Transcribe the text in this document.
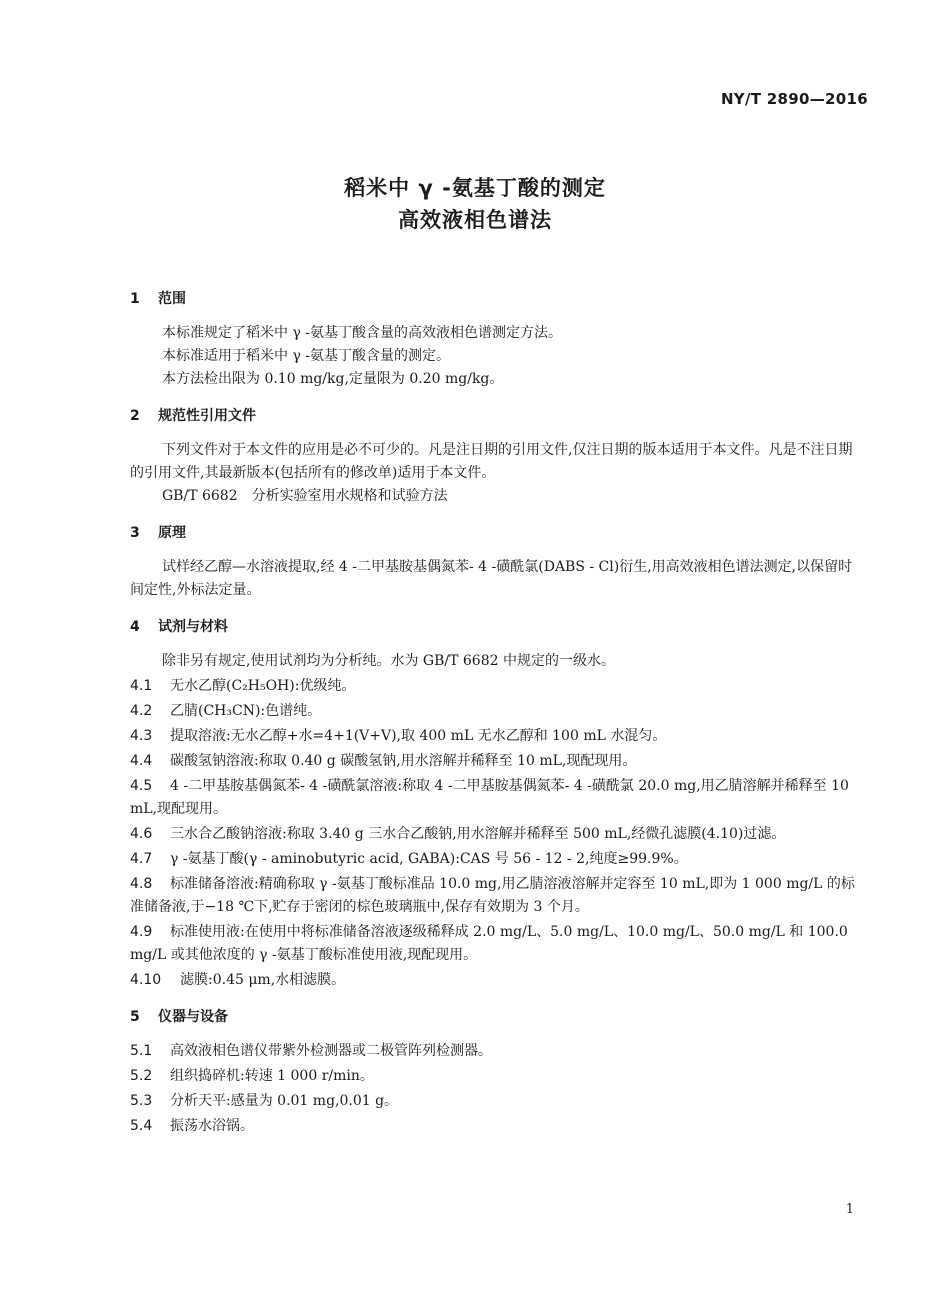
NY/T 2890—2016
稻米中 γ -氨基丁酸的测定
高效液相色谱法
1 范围

本标准规定了稻米中 γ -氨基丁酸含量的高效液相色谱测定方法。

本标准适用于稻米中 γ -氨基丁酸含量的测定。

本方法检出限为 0.10 mg/kg,定量限为 0.20 mg/kg。

2 规范性引用文件

下列文件对于本文件的应用是必不可少的。凡是注日期的引用文件,仅注日期的版本适用于本文件。凡是不注日期的引用文件,其最新版本(包括所有的修改单)适用于本文件。

GB/T 6682　分析实验室用水规格和试验方法

3 原理

试样经乙醇—水溶液提取,经 4 -二甲基胺基偶氮苯- 4 -磺酰氯(DABS - Cl)衍生,用高效液相色谱法测定,以保留时间定性,外标法定量。

4 试剂与材料

除非另有规定,使用试剂均为分析纯。水为 GB/T 6682 中规定的一级水。

4.1 无水乙醇(C₂H₅OH):优级纯。

4.2 乙腈(CH₃CN):色谱纯。

4.3 提取溶液:无水乙醇+水=4+1(V+V),取 400 mL 无水乙醇和 100 mL 水混匀。

4.4 碳酸氢钠溶液:称取 0.40 g 碳酸氢钠,用水溶解并稀释至 10 mL,现配现用。

4.5 4 -二甲基胺基偶氮苯- 4 -磺酰氯溶液:称取 4 -二甲基胺基偶氮苯- 4 -磺酰氯 20.0 mg,用乙腈溶解并稀释至 10 mL,现配现用。

4.6 三水合乙酸钠溶液:称取 3.40 g 三水合乙酸钠,用水溶解并稀释至 500 mL,经微孔滤膜(4.10)过滤。

4.7 γ -氨基丁酸(γ - aminobutyric acid, GABA):CAS 号 56 - 12 - 2,纯度≥99.9%。

4.8 标准储备溶液:精确称取 γ -氨基丁酸标准品 10.0 mg,用乙腈溶液溶解并定容至 10 mL,即为 1 000 mg/L 的标准储备液,于−18 ℃下,贮存于密闭的棕色玻璃瓶中,保存有效期为 3 个月。

4.9 标准使用液:在使用中将标准储备溶液逐级稀释成 2.0 mg/L、5.0 mg/L、10.0 mg/L、50.0 mg/L 和 100.0 mg/L 或其他浓度的 γ -氨基丁酸标准使用液,现配现用。

4.10 滤膜:0.45 μm,水相滤膜。

5 仪器与设备

5.1 高效液相色谱仪带紫外检测器或二极管阵列检测器。

5.2 组织捣碎机:转速 1 000 r/min。

5.3 分析天平:感量为 0.01 mg,0.01 g。

5.4 振荡水浴锅。

1
